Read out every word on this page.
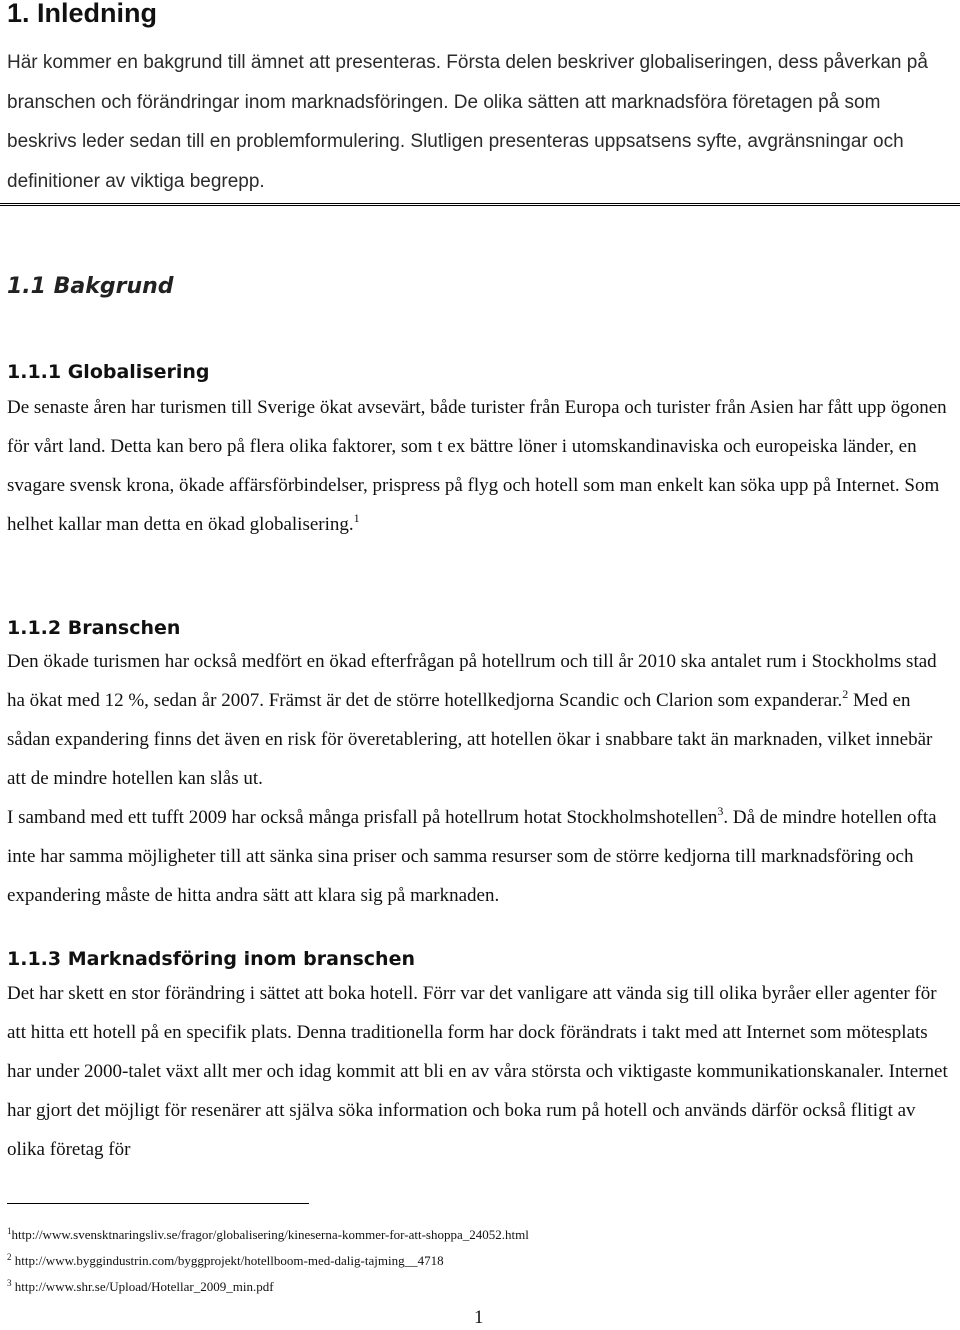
1. Inledning

Här kommer en bakgrund till ämnet att presenteras. Första delen beskriver globaliseringen, dess påverkan på branschen och förändringar inom marknadsföringen. De olika sätten att marknadsföra företagen på som beskrivs leder sedan till en problemformulering. Slutligen presenteras uppsatsens syfte, avgränsningar och definitioner av viktiga begrepp.

1.1 Bakgrund
1.1.1 Globalisering

De senaste åren har turismen till Sverige ökat avsevärt, både turister från Europa och turister från Asien har fått upp ögonen för vårt land. Detta kan bero på flera olika faktorer, som t ex bättre löner i utomskandinaviska och europeiska länder, en svagare svensk krona, ökade affärsförbindelser, prispress på flyg och hotell som man enkelt kan söka upp på Internet. Som helhet kallar man detta en ökad globalisering.$^1$

1.1.2 Branschen

Den ökade turismen har också medfört en ökad efterfrågan på hotellrum och till år 2010 ska antalet rum i Stockholms stad ha ökat med 12 %, sedan år 2007. Främst är det de större hotellkedjorna Scandic och Clarion som expanderar.$^2$ Med en sådan expandering finns det även en risk för överetablering, att hotellen ökar i snabbare takt än marknaden, vilket innebär att de mindre hotellen kan slås ut.

I samband med ett tufft 2009 har också många prisfall på hotellrum hotat Stockholmshotellen$^3$. Då de mindre hotellen ofta inte har samma möjligheter till att sänka sina priser och samma resurser som de större kedjorna till marknadsföring och expandering måste de hitta andra sätt att klara sig på marknaden.

1.1.3 Marknadsföring inom branschen

Det har skett en stor förändring i sättet att boka hotell. Förr var det vanligare att vända sig till olika byråer eller agenter för att hitta ett hotell på en specifik plats. Denna traditionella form har dock förändrats i takt med att Internet som mötesplats har under 2000-talet växt allt mer och idag kommit att bli en av våra största och viktigaste kommunikationskanaler. Internet har gjort det möjligt för resenärer att själva söka information och boka rum på hotell och används därför också flitigt av olika företag för

$^1$http://www.svensktnaringsliv.se/fragor/globalisering/kineserna-kommer-for-att-shoppa_24052.html

$^2$ http://www.byggindustrin.com/byggprojekt/hotellboom-med-dalig-tajming__4718

$^3$ http://www.shr.se/Upload/Hotellar_2009_min.pdf

1
